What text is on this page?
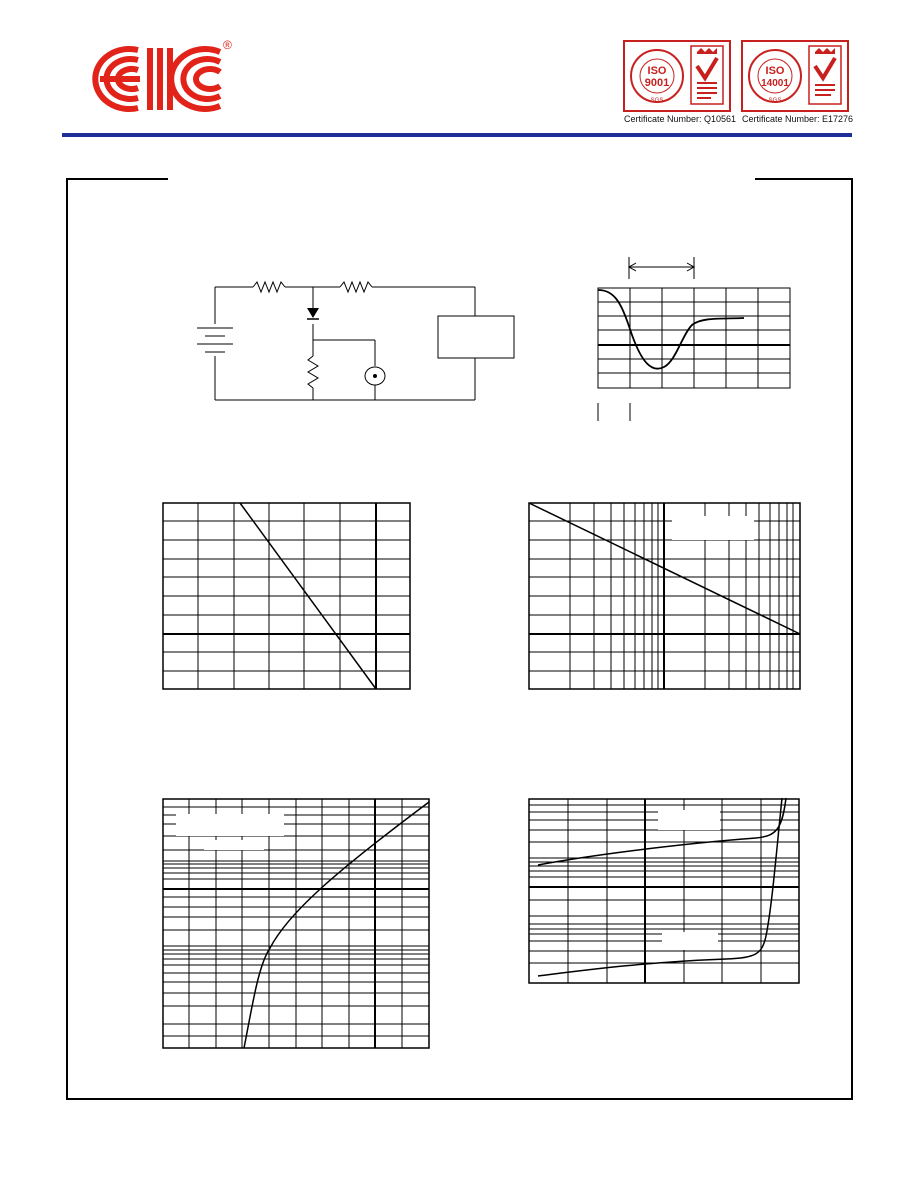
®
ISO
9001
SGS
Certificate Number: Q10561
ISO
14001
SGS
Certificate Number: E17276
